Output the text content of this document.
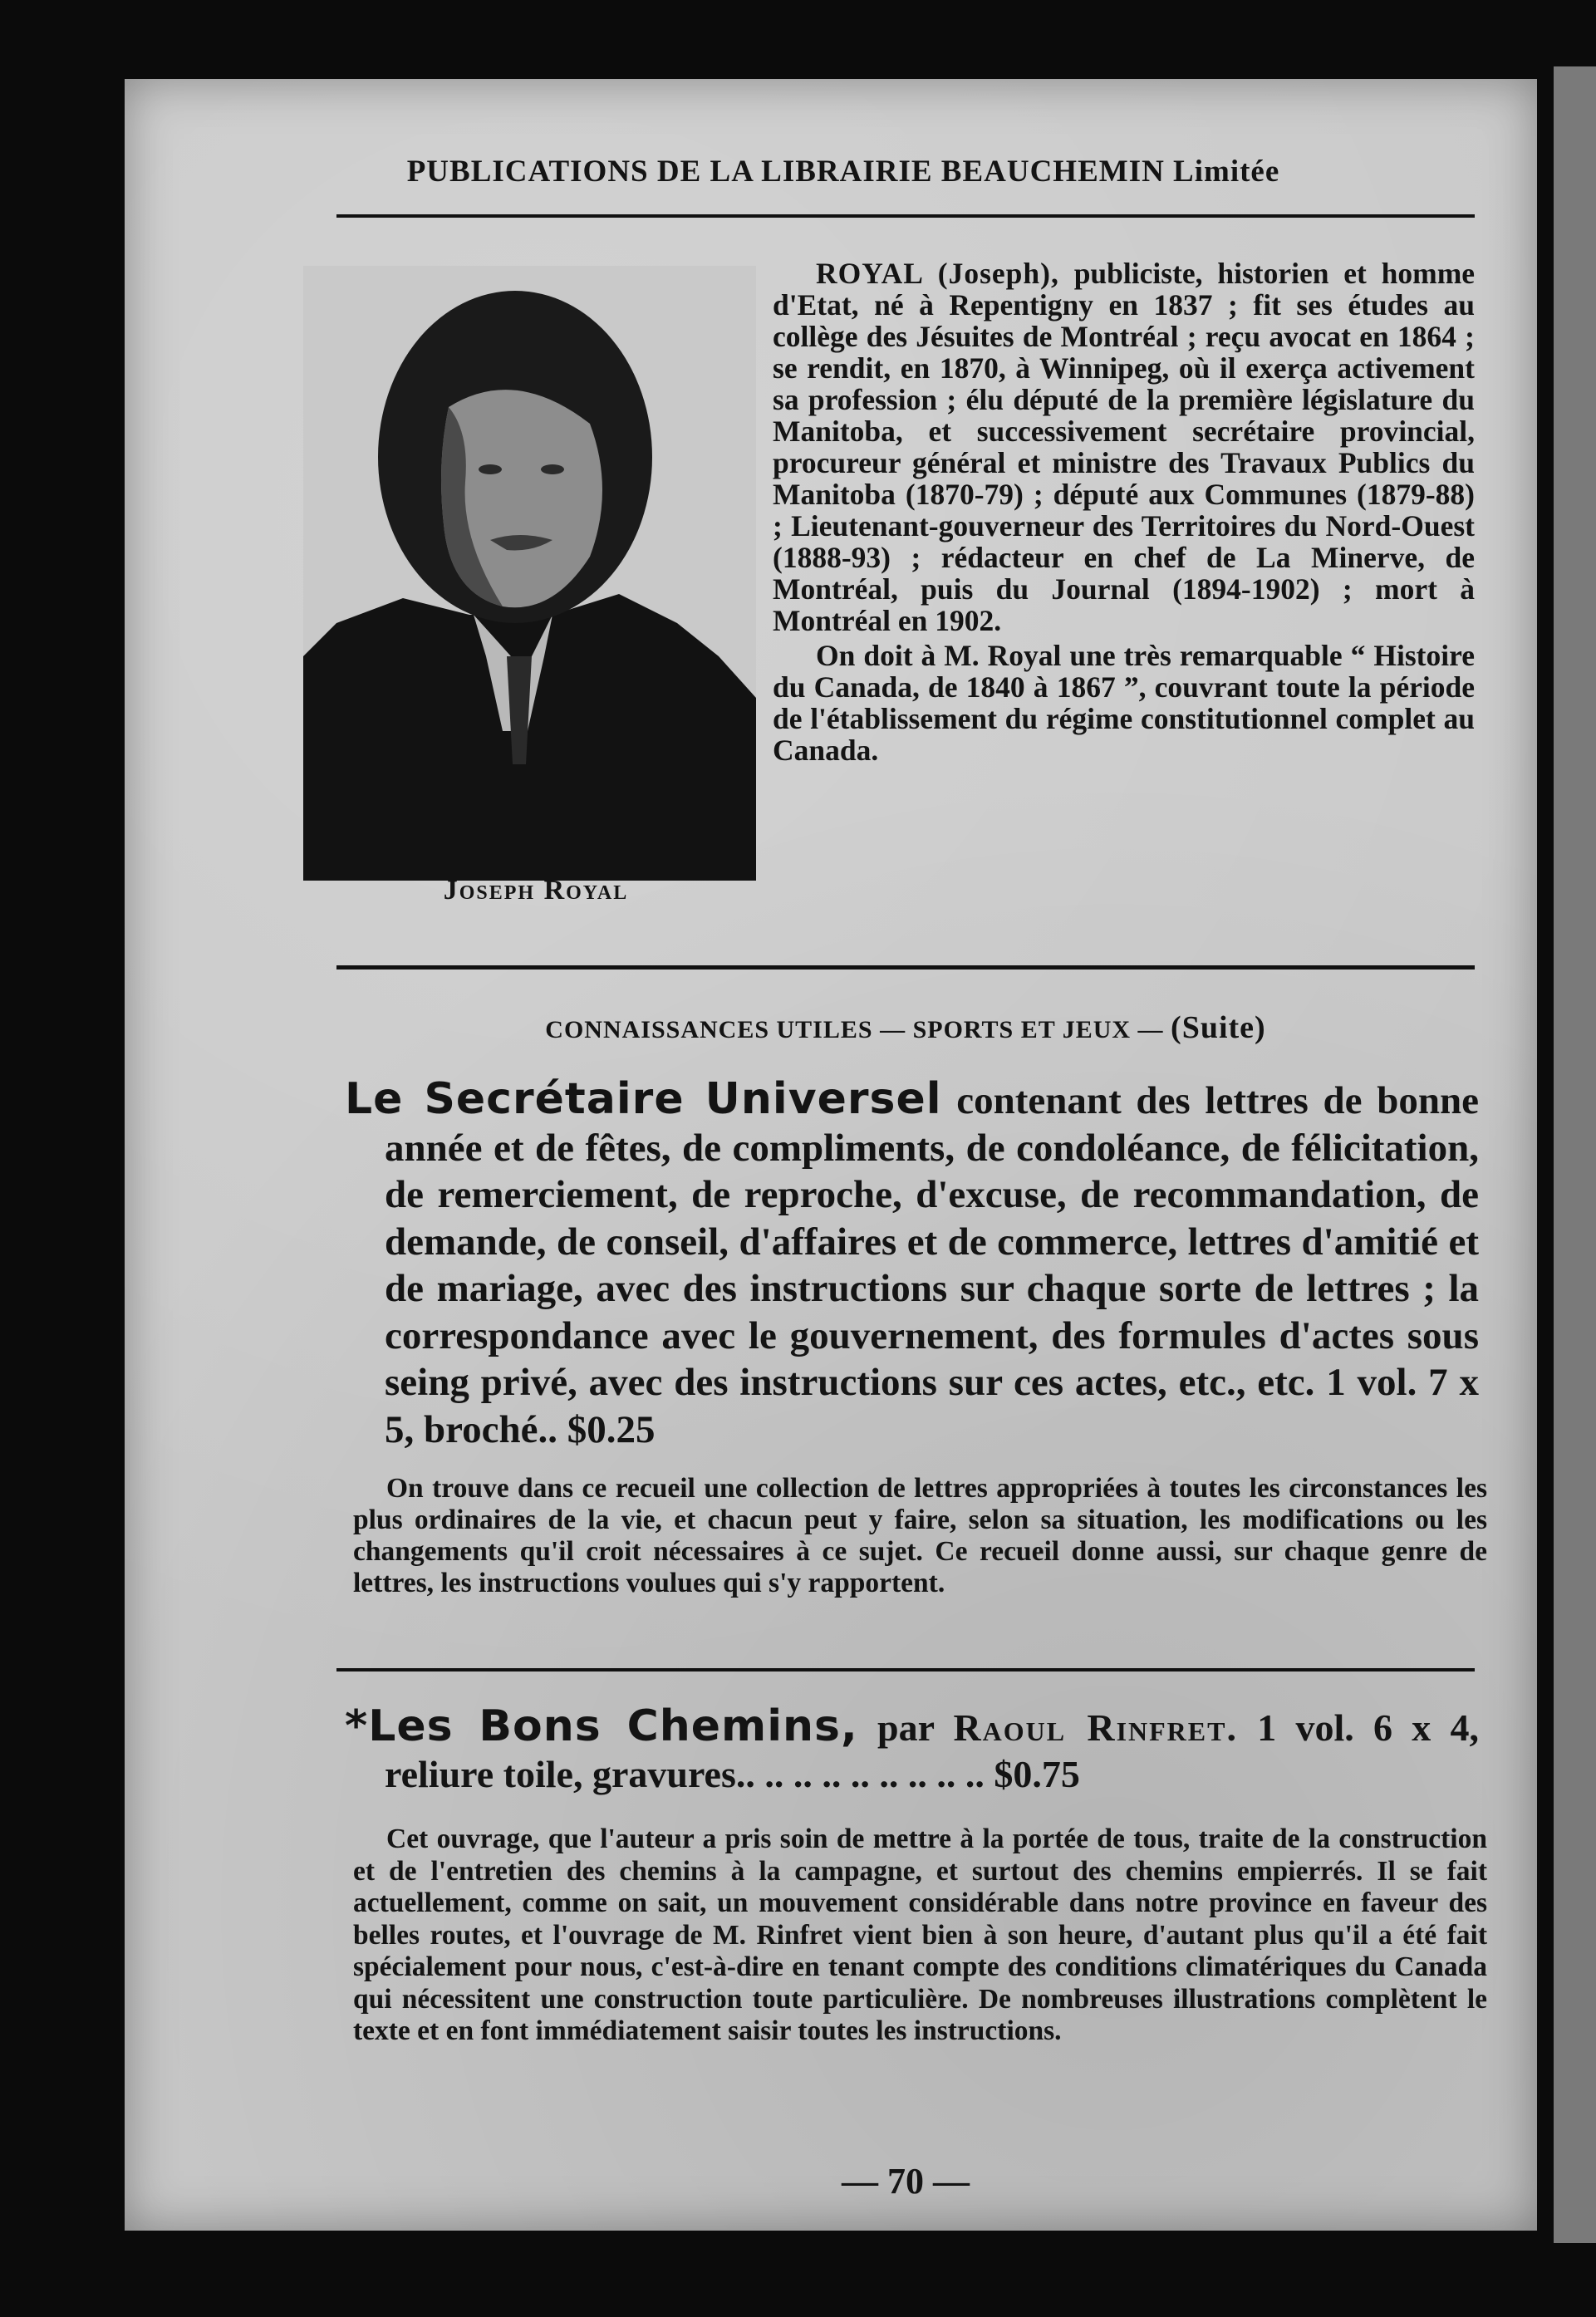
PUBLICATIONS DE LA LIBRAIRIE BEAUCHEMIN Limitée
Joseph Royal

ROYAL (Joseph), publiciste, historien et homme d'Etat, né à Repentigny en 1837 ; fit ses études au collège des Jésuites de Montréal ; reçu avocat en 1864 ; se rendit, en 1870, à Winnipeg, où il exerça activement sa profession ; élu député de la première législature du Manitoba, et successivement secrétaire provincial, procureur général et ministre des Travaux Publics du Manitoba (1870-79) ; député aux Communes (1879-88) ; Lieutenant-gouverneur des Territoires du Nord-Ouest (1888-93) ; rédacteur en chef de La Minerve, de Montréal, puis du Journal (1894-1902) ; mort à Montréal en 1902.

On doit à M. Royal une très remarquable “ Histoire du Canada, de 1840 à 1867 ”, couvrant toute la période de l'établissement du régime constitutionnel complet au Canada.

CONNAISSANCES UTILES — SPORTS ET JEUX — (Suite)

Le Secrétaire Universel contenant des lettres de bonne année et de fêtes, de compliments, de condoléance, de félicitation, de remerciement, de reproche, d'excuse, de recommandation, de demande, de conseil, d'affaires et de commerce, lettres d'amitié et de mariage, avec des instructions sur chaque sorte de lettres ; la correspondance avec le gouvernement, des formules d'actes sous seing privé, avec des instructions sur ces actes, etc., etc. 1 vol. 7 x 5, broché.. $0.25

On trouve dans ce recueil une collection de lettres appropriées à toutes les circonstances les plus ordinaires de la vie, et chacun peut y faire, selon sa situation, les modifications ou les changements qu'il croit nécessaires à ce sujet. Ce recueil donne aussi, sur chaque genre de lettres, les instructions voulues qui s'y rapportent.

*Les Bons Chemins, par Raoul Rinfret. 1 vol. 6 x 4, reliure toile, gravures.. .. .. .. .. .. .. .. .. $0.75

Cet ouvrage, que l'auteur a pris soin de mettre à la portée de tous, traite de la construction et de l'entretien des chemins à la campagne, et surtout des chemins empierrés. Il se fait actuellement, comme on sait, un mouvement considérable dans notre province en faveur des belles routes, et l'ouvrage de M. Rinfret vient bien à son heure, d'autant plus qu'il a été fait spécialement pour nous, c'est-à-dire en tenant compte des conditions climatériques du Canada qui nécessitent une construction toute particulière. De nombreuses illustrations complètent le texte et en font immédiatement saisir toutes les instructions.

— 70 —
